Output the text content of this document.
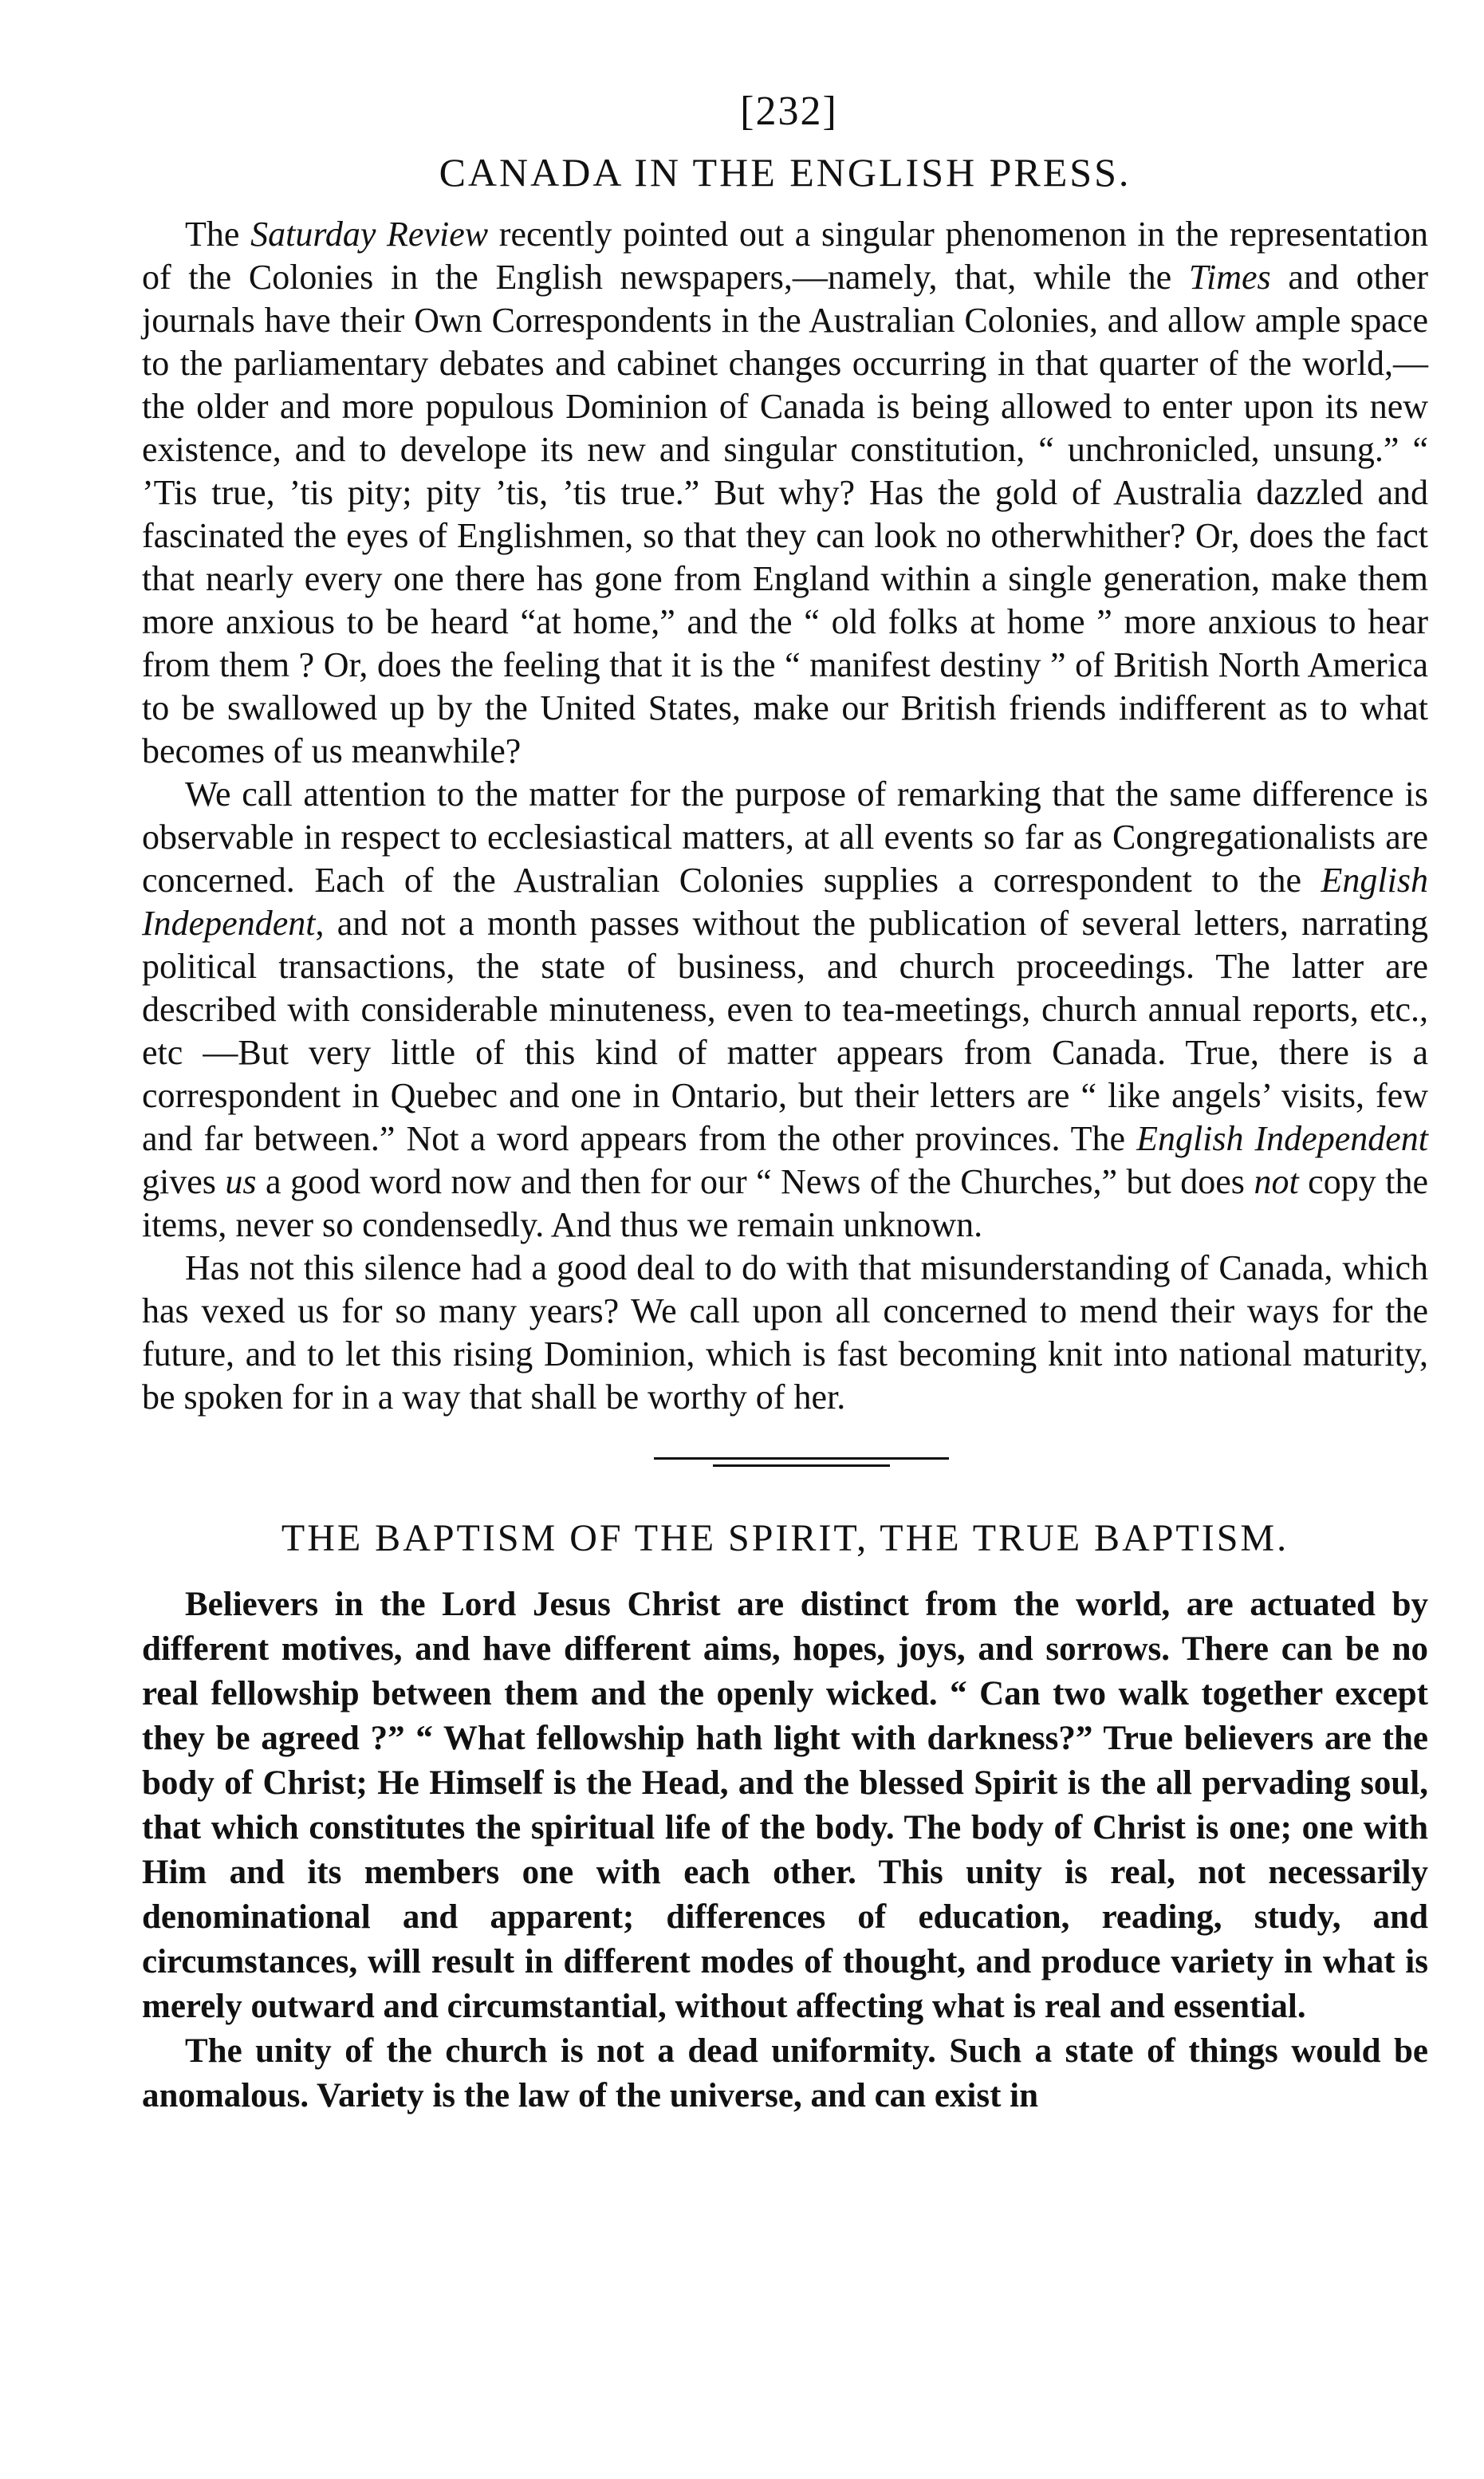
[232]
CANADA IN THE ENGLISH PRESS.

The Saturday Review recently pointed out a singular phenomenon in the representation of the Colonies in the English newspapers,—namely, that, while the Times and other journals have their Own Correspondents in the Australian Colonies, and allow ample space to the parliamentary debates and cabinet changes occurring in that quarter of the world,—the older and more populous Dominion of Canada is being allowed to enter upon its new existence, and to develope its new and singular constitution, “ unchronicled, unsung.” “ ’Tis true, ’tis pity; pity ’tis, ’tis true.” But why? Has the gold of Australia dazzled and fascinated the eyes of Englishmen, so that they can look no otherwhither? Or, does the fact that nearly every one there has gone from England within a single generation, make them more anxious to be heard “at home,” and the “ old folks at home ” more anxious to hear from them ? Or, does the feeling that it is the “ manifest destiny ” of British North America to be swallowed up by the United States, make our British friends indifferent as to what becomes of us meanwhile?

We call attention to the matter for the purpose of remarking that the same difference is observable in respect to ecclesiastical matters, at all events so far as Congregationalists are concerned. Each of the Australian Colonies supplies a correspondent to the English Independent, and not a month passes without the publication of several letters, narrating political transactions, the state of business, and church proceedings. The latter are described with considerable minuteness, even to tea-meetings, church annual reports, etc., etc —But very little of this kind of matter appears from Canada. True, there is a correspondent in Quebec and one in Ontario, but their letters are “ like angels’ visits, few and far between.” Not a word appears from the other provinces. The English Independent gives us a good word now and then for our “ News of the Churches,” but does not copy the items, never so condensedly. And thus we remain unknown.

Has not this silence had a good deal to do with that misunderstanding of Canada, which has vexed us for so many years? We call upon all concerned to mend their ways for the future, and to let this rising Dominion, which is fast becoming knit into national maturity, be spoken for in a way that shall be worthy of her.

THE BAPTISM OF THE SPIRIT, THE TRUE BAPTISM.

Believers in the Lord Jesus Christ are distinct from the world, are actuated by different motives, and have different aims, hopes, joys, and sorrows. There can be no real fellowship between them and the openly wicked. “ Can two walk together except they be agreed ?” “ What fellowship hath light with darkness?” True believers are the body of Christ; He Himself is the Head, and the blessed Spirit is the all pervading soul, that which constitutes the spiritual life of the body. The body of Christ is one; one with Him and its members one with each other. This unity is real, not necessarily denominational and apparent; differences of education, reading, study, and circumstances, will result in different modes of thought, and produce variety in what is merely outward and circumstantial, without affecting what is real and essential.

The unity of the church is not a dead uniformity. Such a state of things would be anomalous. Variety is the law of the universe, and can exist in
